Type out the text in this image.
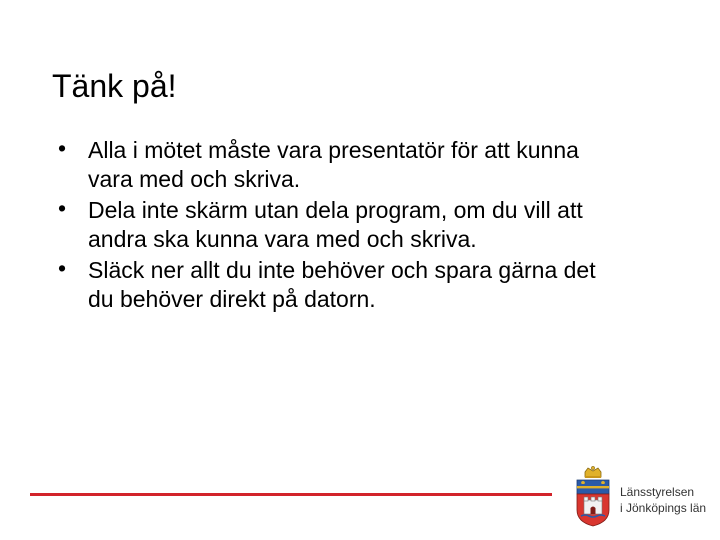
Tänk på!
• Alla i mötet måste vara presentatör för att kunna vara med och skriva.
• Dela inte skärm utan dela program, om du vill att andra ska kunna vara med och skriva.
• Släck ner allt du inte behöver och spara gärna det du behöver direkt på datorn.
Länsstyrelsen
i Jönköpings län
